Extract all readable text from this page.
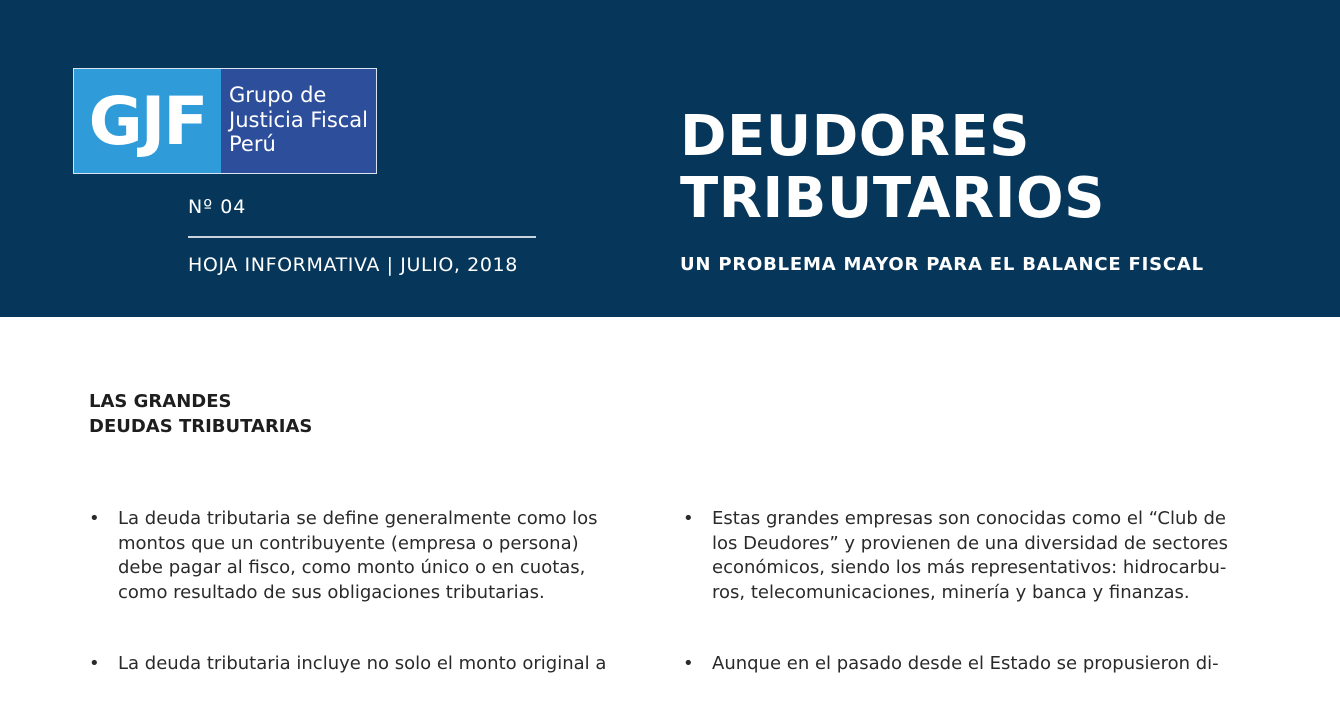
GJF	Grupo de
Justicia Fiscal
Perú
Nº 04
HOJA INFORMATIVA | JULIO, 2018
DEUDORES
TRIBUTARIOS
UN PROBLEMA MAYOR PARA EL BALANCE FISCAL
LAS GRANDES
DEUDAS TRIBUTARIAS
• La deuda tributaria se define generalmente como los
montos que un contribuyente (empresa o persona)
debe pagar al fisco, como monto único o en cuotas,
como resultado de sus obligaciones tributarias.
• La deuda tributaria incluye no solo el monto original a
• Estas grandes empresas son conocidas como el “Club de
los Deudores” y provienen de una diversidad de sectores
económicos, siendo los más representativos: hidrocarbu-
ros, telecomunicaciones, minería y banca y finanzas.
• Aunque en el pasado desde el Estado se propusieron di-
